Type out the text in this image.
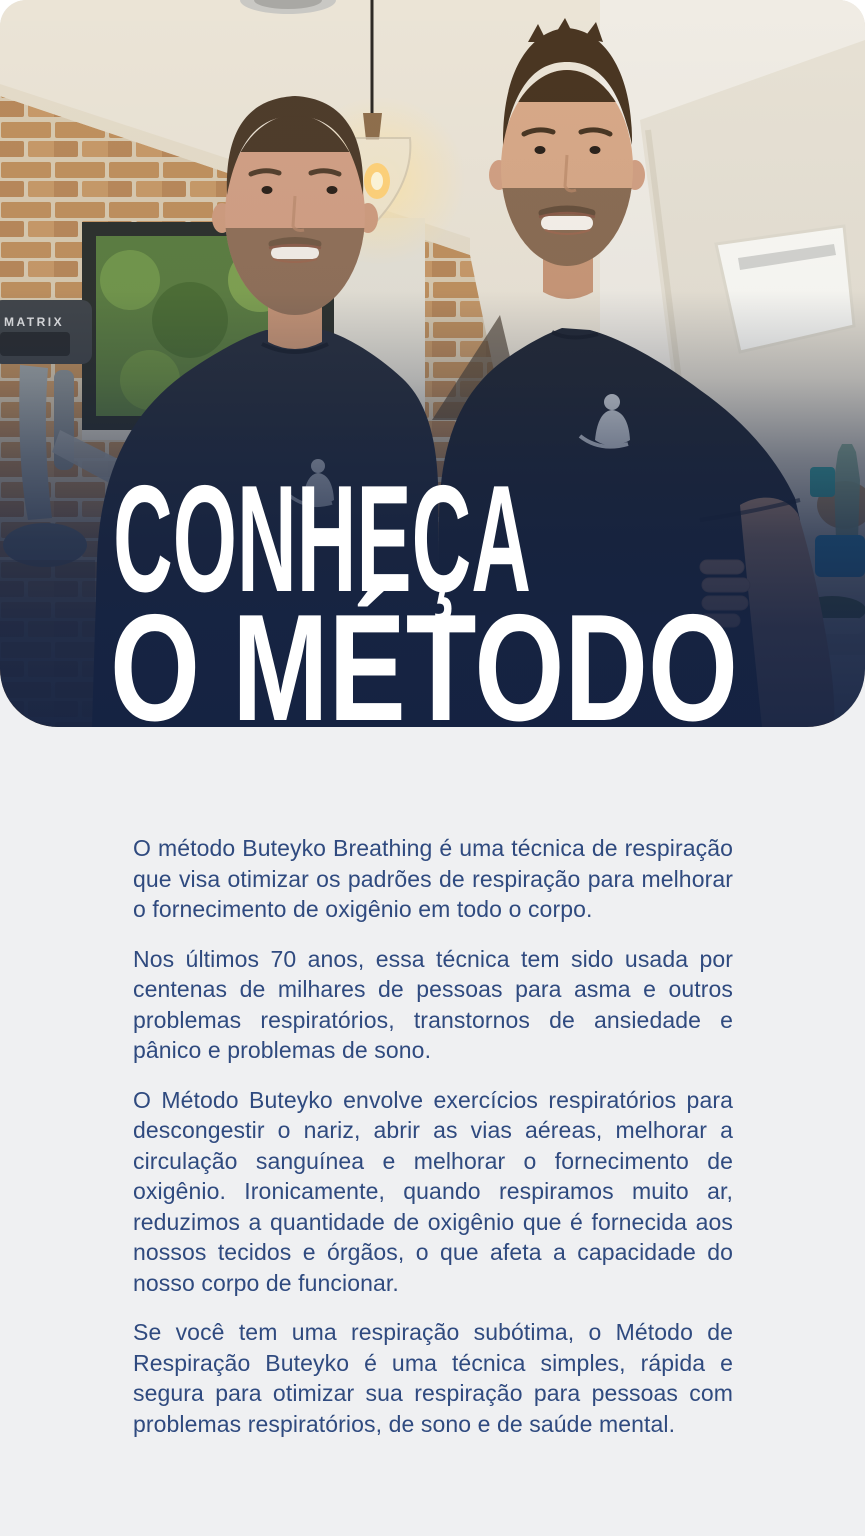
CONHEÇA
O MÉTODO

O método Buteyko Breathing é uma técnica de respiração que visa otimizar os padrões de respiração para melhorar o fornecimento de oxigênio em todo o corpo.

Nos últimos 70 anos, essa técnica tem sido usada por centenas de milhares de pessoas para asma e outros problemas respiratórios, transtornos de ansiedade e pânico e problemas de sono.

O Método Buteyko envolve exercícios respiratórios para descongestir o nariz, abrir as vias aéreas, melhorar a circulação sanguínea e melhorar o fornecimento de oxigênio. Ironicamente, quando respiramos muito ar, reduzimos a quantidade de oxigênio que é fornecida aos nossos tecidos e órgãos, o que afeta a capacidade do nosso corpo de funcionar.

Se você tem uma respiração subótima, o Método de Respiração Buteyko é uma técnica simples, rápida e segura para otimizar sua respiração para pessoas com problemas respiratórios, de sono e de saúde mental.
